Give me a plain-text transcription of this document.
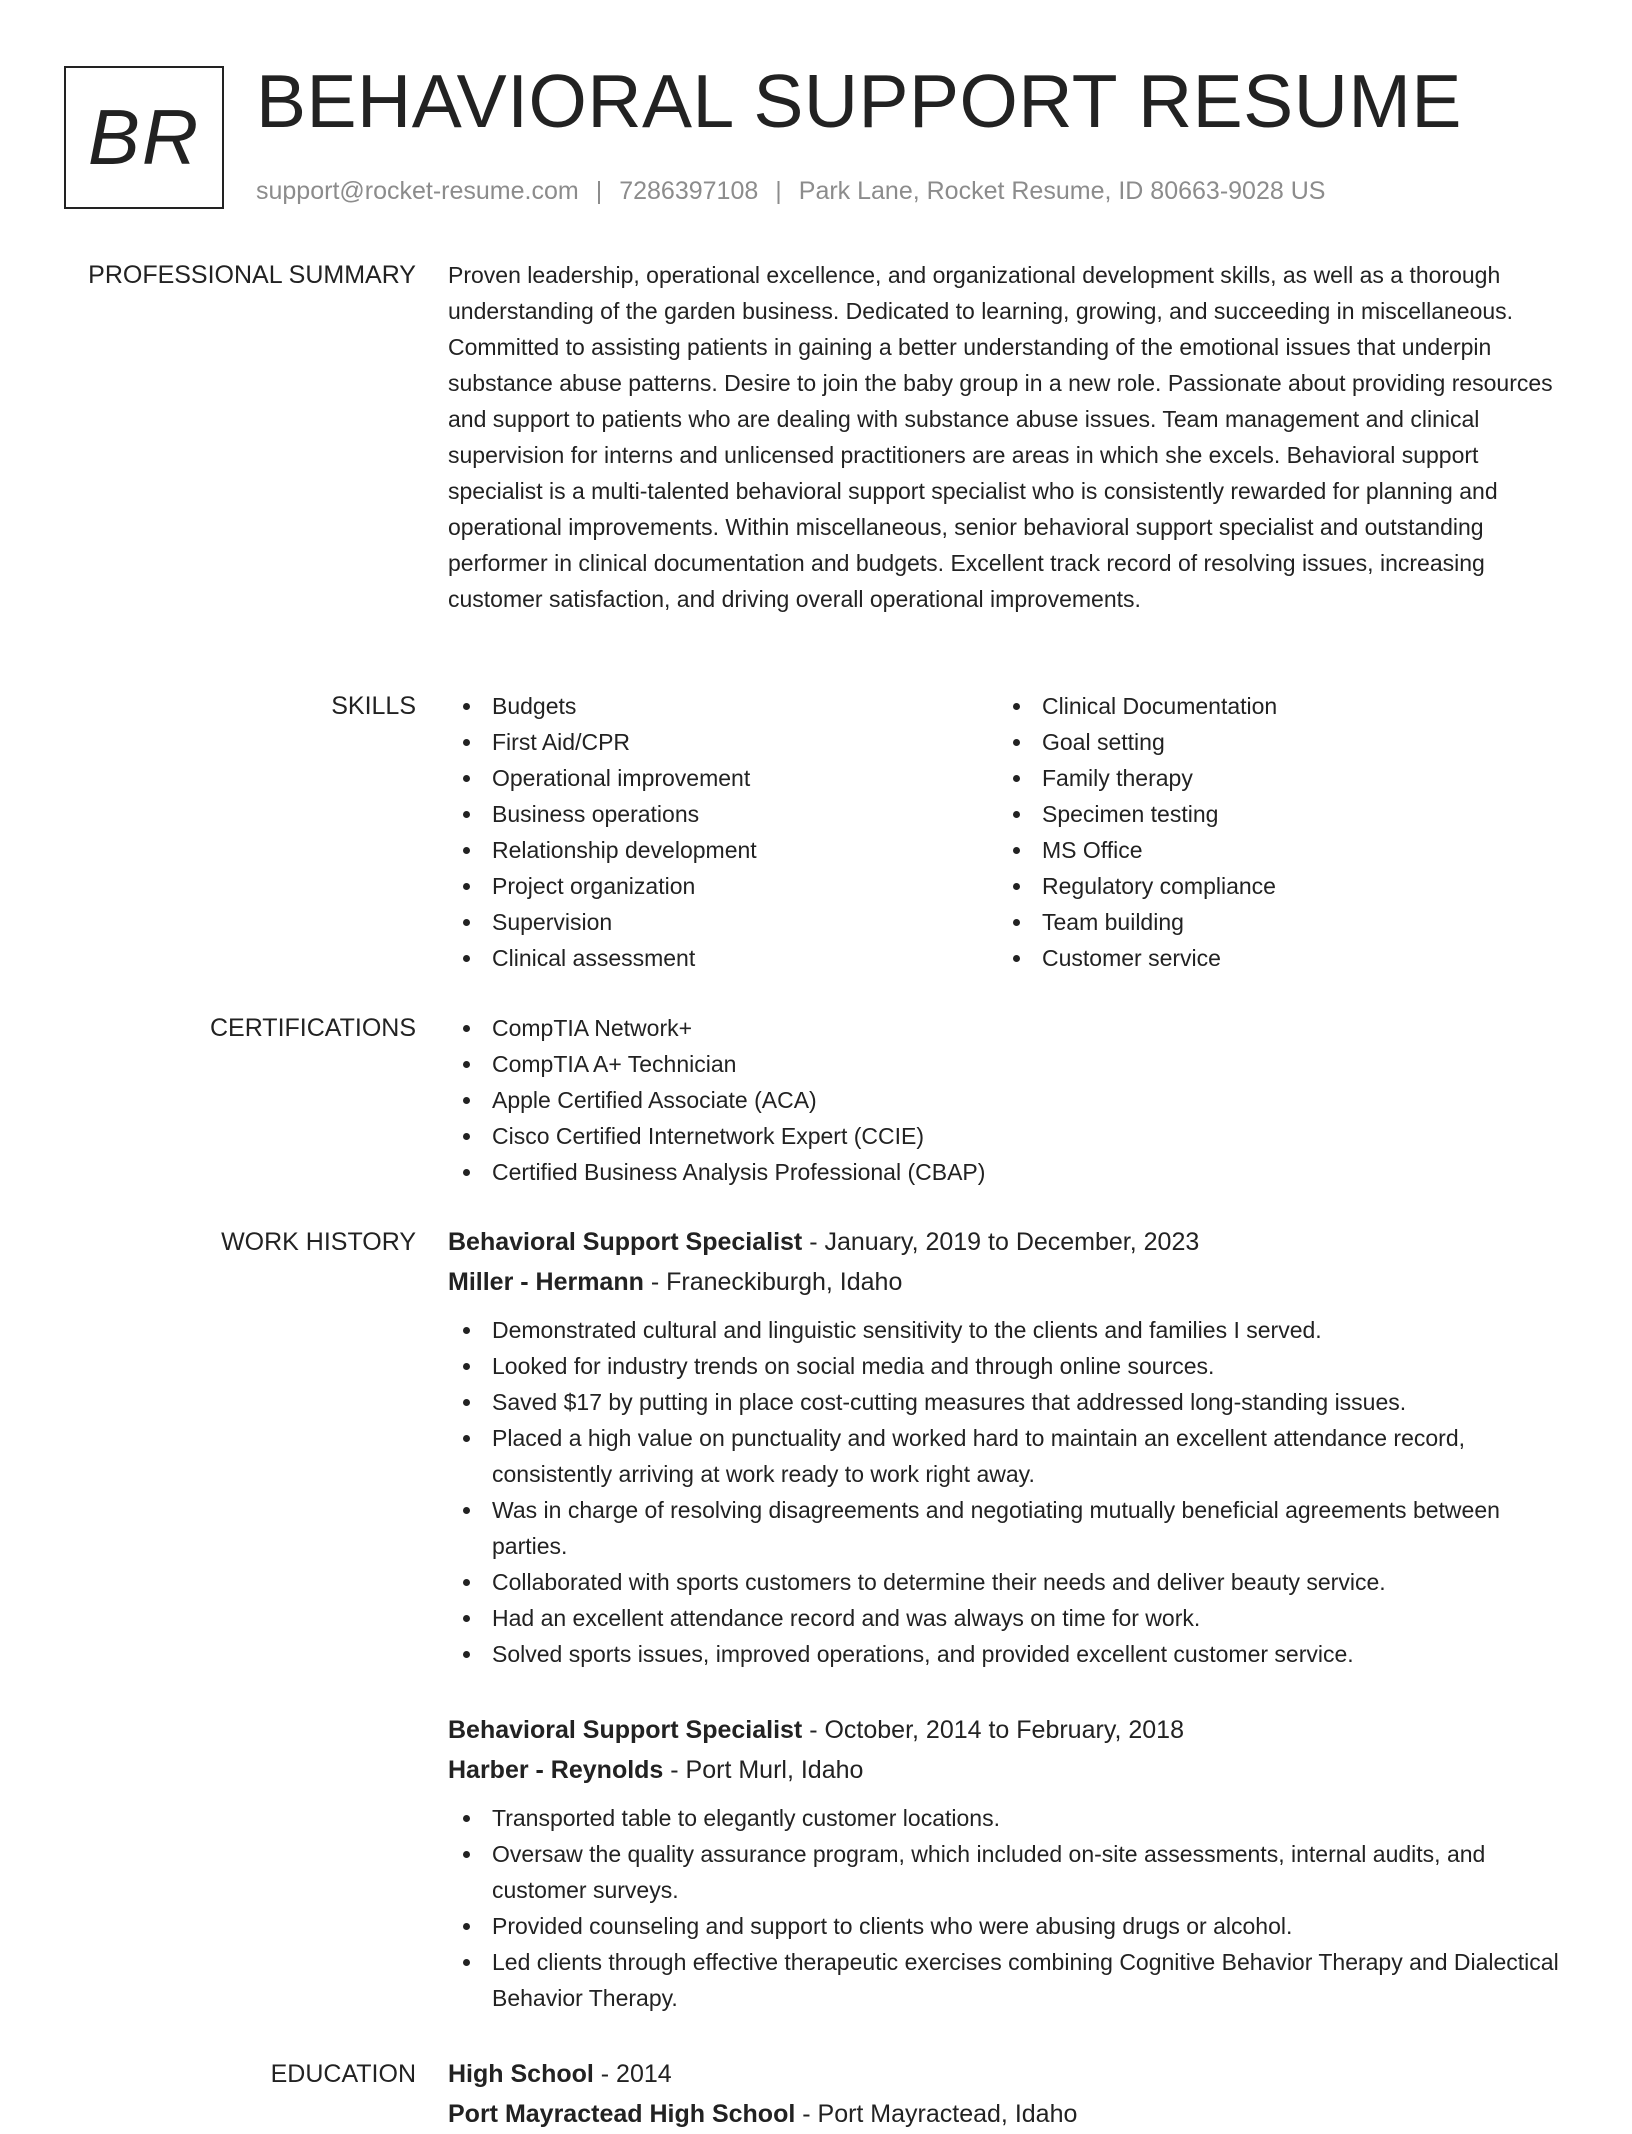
BR BEHAVIORAL SUPPORT RESUME
support@rocket-resume.com | 7286397108 | Park Lane, Rocket Resume, ID 80663-9028 US
PROFESSIONAL SUMMARY Proven leadership, operational excellence, and organizational development skills, as well as a thorough understanding of the garden business. Dedicated to learning, growing, and succeeding in miscellaneous. Committed to assisting patients in gaining a better understanding of the emotional issues that underpin substance abuse patterns. Desire to join the baby group in a new role. Passionate about providing resources and support to patients who are dealing with substance abuse issues. Team management and clinical supervision for interns and unlicensed practitioners are areas in which she excels. Behavioral support specialist is a multi-talented behavioral support specialist who is consistently rewarded for planning and operational improvements. Within miscellaneous, senior behavioral support specialist and outstanding performer in clinical documentation and budgets. Excellent track record of resolving issues, increasing customer satisfaction, and driving overall operational improvements.

SKILLS	Budgets
First Aid/CPR
Operational improvement
Business operations
Relationship development
Project organization
Supervision
Clinical assessment
Clinical Documentation
Goal setting
Family therapy
Specimen testing
MS Office
Regulatory compliance
Team building
Customer service
CERTIFICATIONS	CompTIA Network+
CompTIA A+ Technician
Apple Certified Associate (ACA)
Cisco Certified Internetwork Expert (CCIE)
Certified Business Analysis Professional (CBAP)
WORK HISTORY Behavioral Support Specialist - January, 2019 to December, 2023
Miller - Hermann - Franeckiburgh, Idaho
Demonstrated cultural and linguistic sensitivity to the clients and families I served.
Looked for industry trends on social media and through online sources.
Saved $17 by putting in place cost-cutting measures that addressed long-standing issues.
Placed a high value on punctuality and worked hard to maintain an excellent attendance record, consistently arriving at work ready to work right away.
Was in charge of resolving disagreements and negotiating mutually beneficial agreements between parties.
Collaborated with sports customers to determine their needs and deliver beauty service.
Had an excellent attendance record and was always on time for work.
Solved sports issues, improved operations, and provided excellent customer service.
Behavioral Support Specialist - October, 2014 to February, 2018
Harber - Reynolds - Port Murl, Idaho
Transported table to elegantly customer locations.
Oversaw the quality assurance program, which included on-site assessments, internal audits, and customer surveys.
Provided counseling and support to clients who were abusing drugs or alcohol.
Led clients through effective therapeutic exercises combining Cognitive Behavior Therapy and Dialectical Behavior Therapy.
EDUCATION High School - 2014
Port Mayractead High School - Port Mayractead, Idaho
